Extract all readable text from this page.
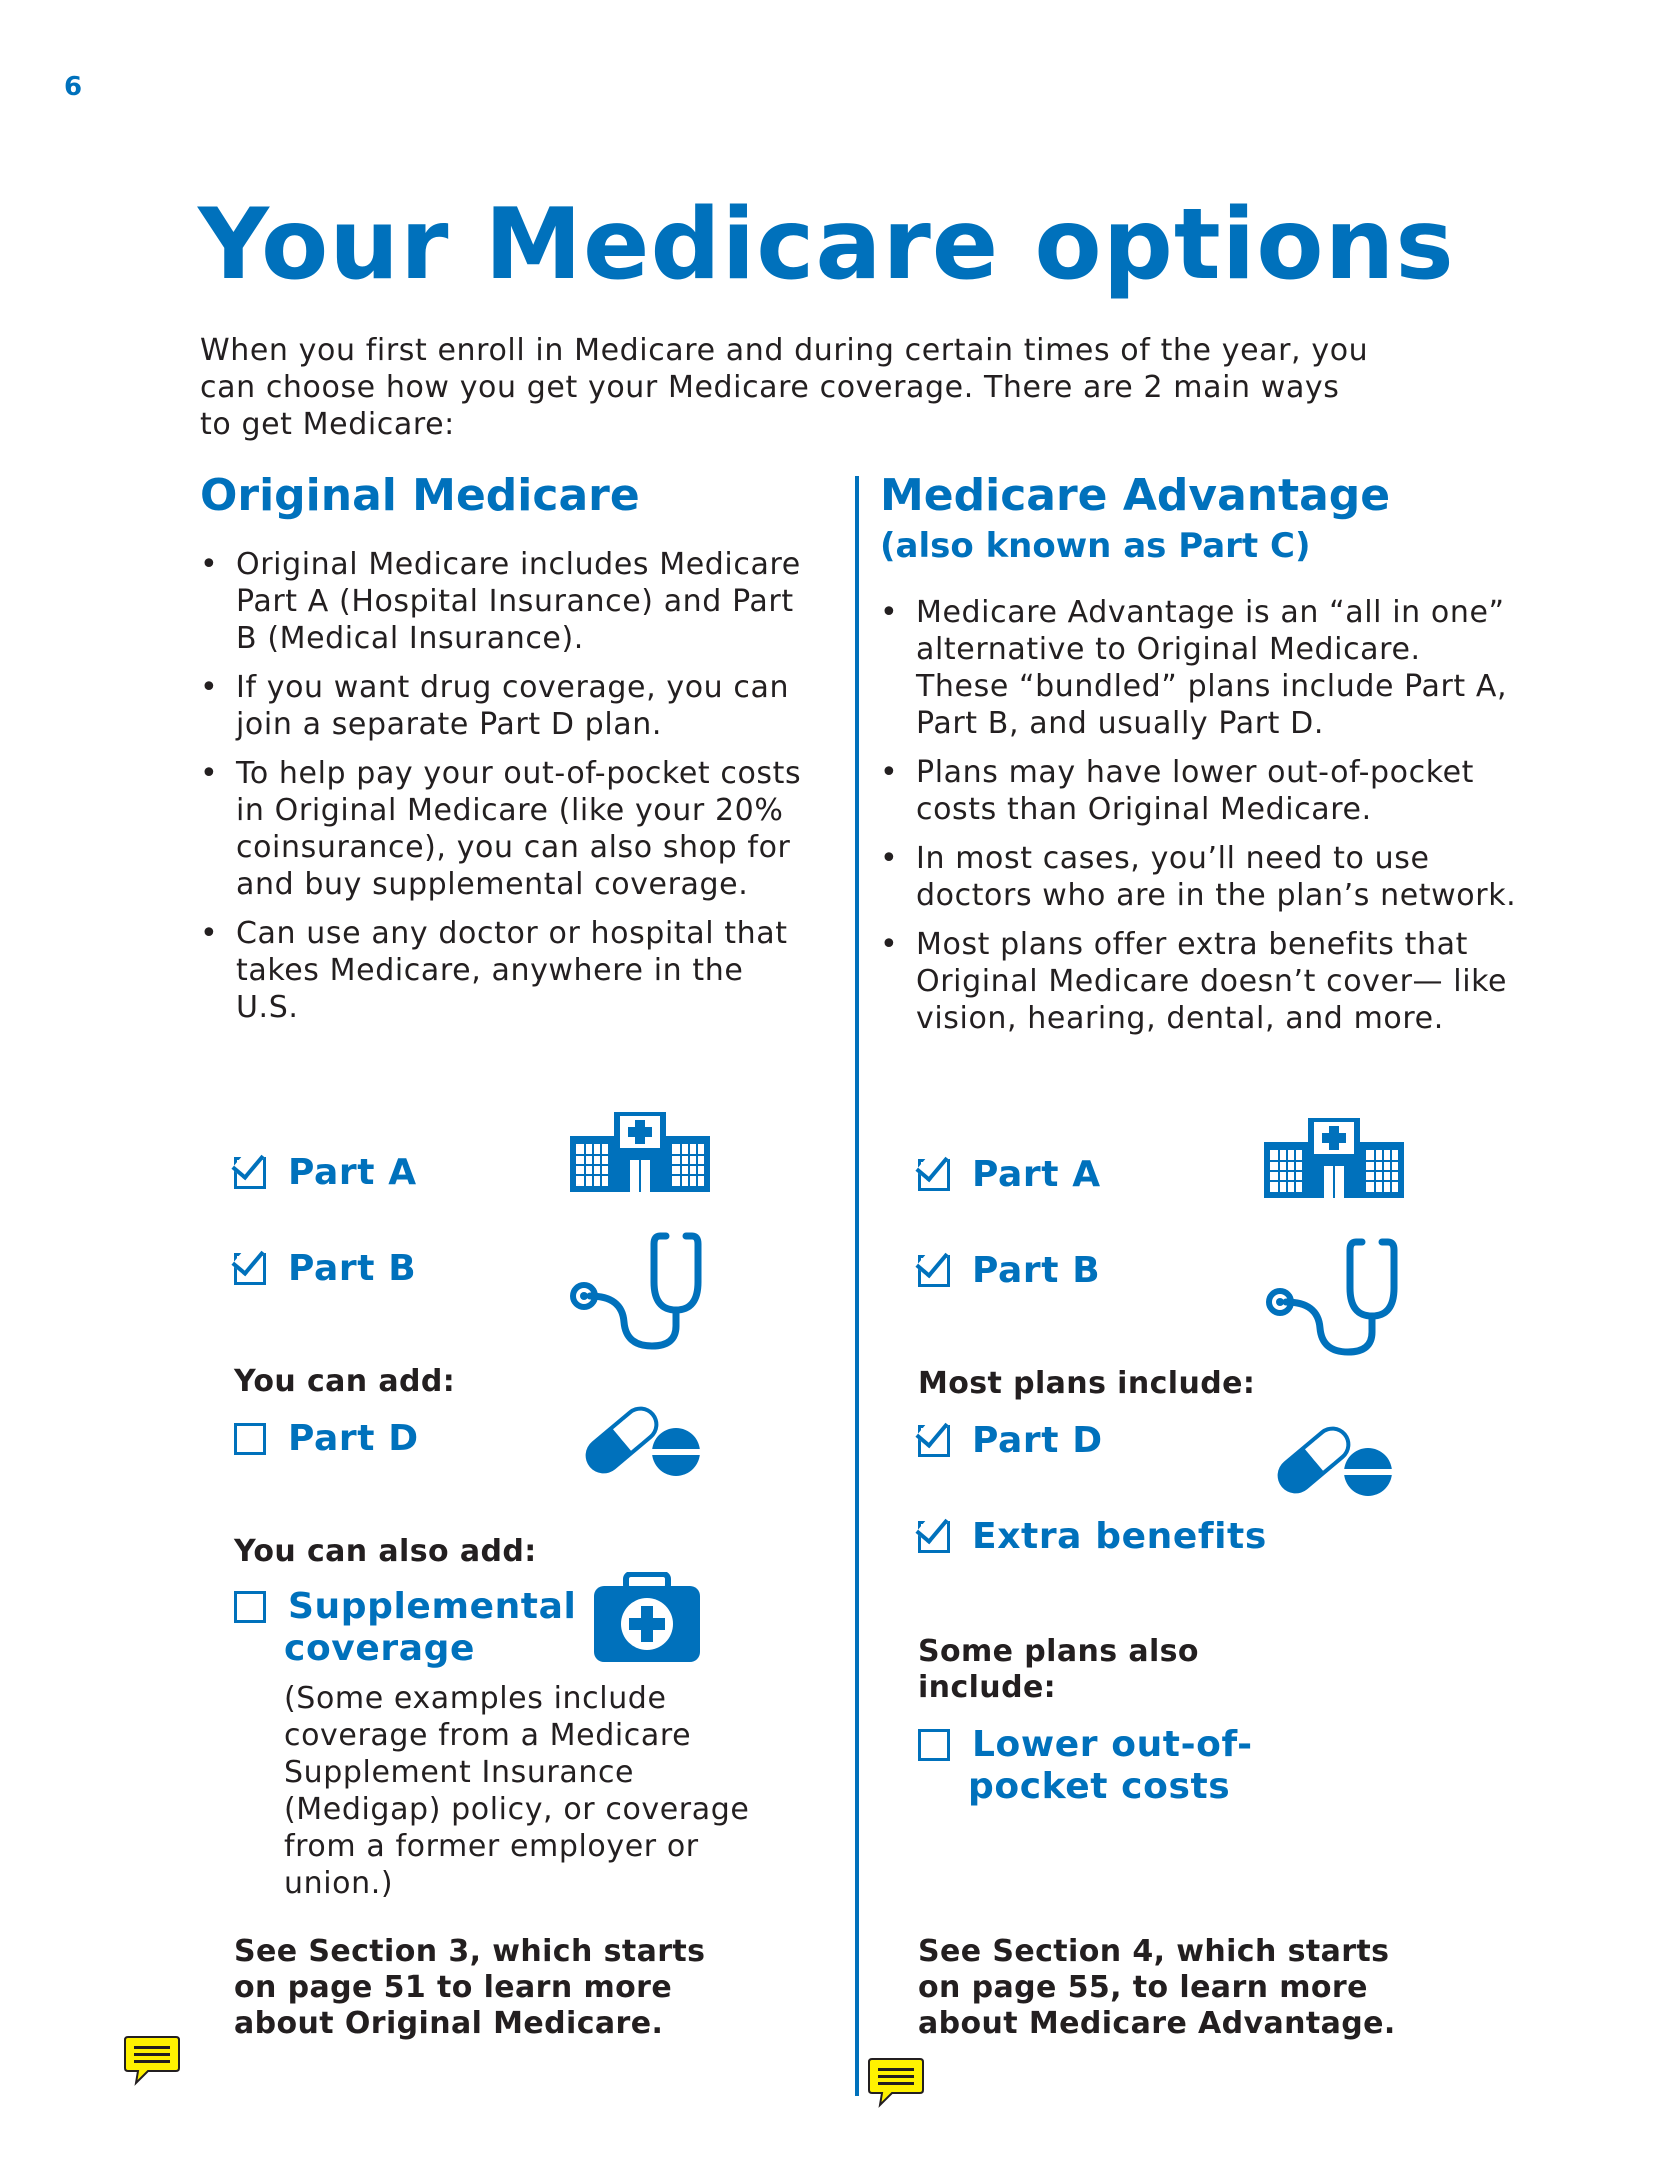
6
Your Medicare options
When you first enroll in Medicare and during certain times of the year, you can choose how you get your Medicare coverage. There are 2 main ways to get Medicare:
Original Medicare
• Original Medicare includes Medicare Part A (Hospital Insurance) and Part B (Medical Insurance).
• If you want drug coverage, you can join a separate Part D plan.
• To help pay your out-of-pocket costs in Original Medicare (like your 20% coinsurance), you can also shop for and buy supplemental coverage.
• Can use any doctor or hospital that takes Medicare, anywhere in the U.S.
Part A
Part B
You can add:
Part D
You can also add:
Supplemental
coverage
(Some examples include coverage from a Medicare Supplement Insurance (Medigap) policy, or coverage from a former employer or union.)
See Section 3, which starts on page 51 to learn more about Original Medicare.
Medicare Advantage
(also known as Part C)
• Medicare Advantage is an “all in one” alternative to Original Medicare. These “bundled” plans include Part A, Part B, and usually Part D.
• Plans may have lower out-of-pocket costs than Original Medicare.
• In most cases, you’ll need to use doctors who are in the plan’s network.
• Most plans offer extra benefits that Original Medicare doesn’t cover— like vision, hearing, dental, and more.
Part A
Part B
Most plans include:
Part D
Extra benefits
Some plans also include:
Lower out-of-
pocket costs
See Section 4, which starts on page 55, to learn more about Medicare Advantage.
